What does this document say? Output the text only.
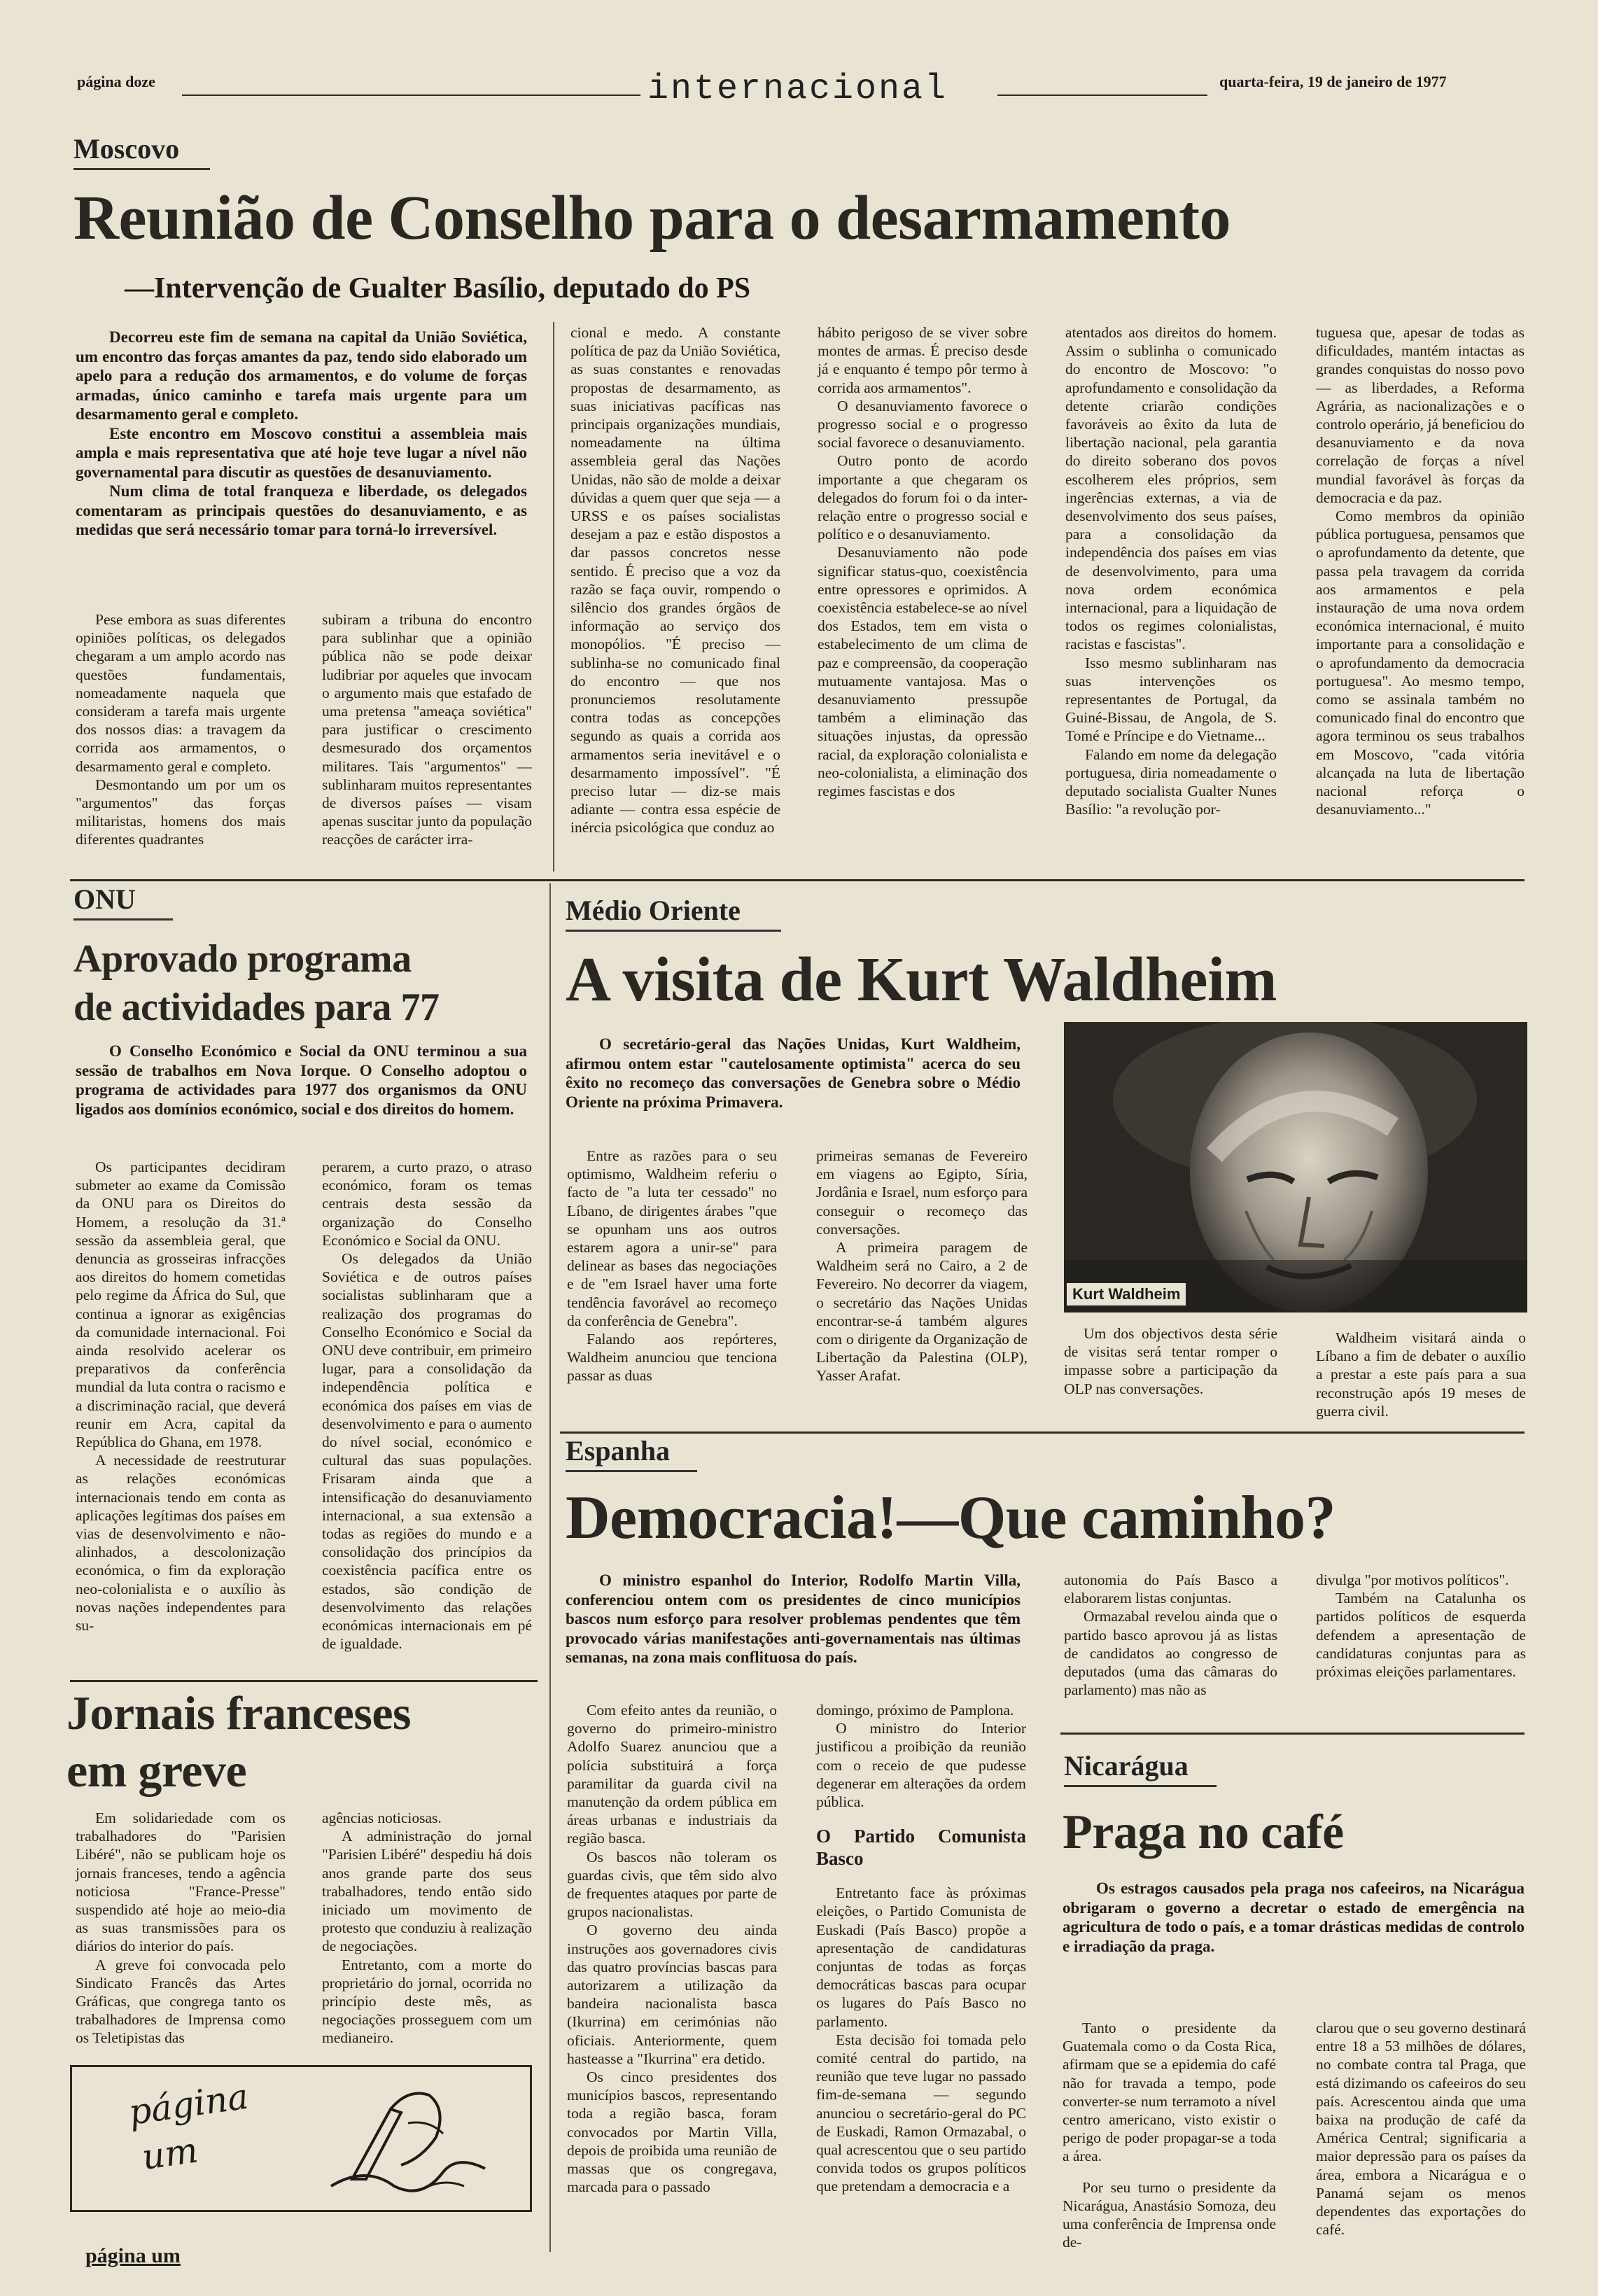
página doze	internacional	quarta-feira, 19 de janeiro de 1977
Moscovo
Reunião de Conselho para o desarmamento
—Intervenção de Gualter Basílio, deputado do PS

Decorreu este fim de semana na capital da União Soviética, um encontro das forças amantes da paz, tendo sido elaborado um apelo para a redução dos armamentos, e do volume de forças armadas, único caminho e tarefa mais urgente para um desarmamento geral e completo.

Este encontro em Moscovo constitui a assembleia mais ampla e mais representativa que até hoje teve lugar a nível não governamental para discutir as questões de desanuviamento.

Num clima de total franqueza e liberdade, os delegados comentaram as principais questões do desanuviamento, e as medidas que será necessário tomar para torná-lo irreversível.

Pese embora as suas diferentes opiniões políticas, os delegados chegaram a um amplo acordo nas questões fundamentais, nomeadamente naquela que consideram a tarefa mais urgente dos nossos dias: a travagem da corrida aos armamentos, o desarmamento geral e completo.

Desmontando um por um os "argumentos" das forças militaristas, homens dos mais diferentes quadrantes

subiram a tribuna do encontro para sublinhar que a opinião pública não se pode deixar ludibriar por aqueles que invocam o argumento mais que estafado de uma pretensa "ameaça soviética" para justificar o crescimento desmesurado dos orçamentos militares. Tais "argumentos" — sublinharam muitos representantes de diversos países — visam apenas suscitar junto da população reacções de carácter irra-

cional e medo. A constante política de paz da União Soviética, as suas constantes e renovadas propostas de desarmamento, as suas iniciativas pacíficas nas principais organizações mundiais, nomeadamente na última assembleia geral das Nações Unidas, não são de molde a deixar dúvidas a quem quer que seja — a URSS e os países socialistas desejam a paz e estão dispostos a dar passos concretos nesse sentido. É preciso que a voz da razão se faça ouvir, rompendo o silêncio dos grandes órgãos de informação ao serviço dos monopólios. "É preciso — sublinha-se no comunicado final do encontro — que nos pronunciemos resolutamente contra todas as concepções segundo as quais a corrida aos armamentos seria inevitável e o desarmamento impossível". "É preciso lutar — diz-se mais adiante — contra essa espécie de inércia psicológica que conduz ao

hábito perigoso de se viver sobre montes de armas. É preciso desde já e enquanto é tempo pôr termo à corrida aos armamentos".

O desanuviamento favorece o progresso social e o progresso social favorece o desanuviamento.

Outro ponto de acordo importante a que chegaram os delegados do forum foi o da inter-relação entre o progresso social e político e o desanuviamento.

Desanuviamento não pode significar status-quo, coexistência entre opressores e oprimidos. A coexistência estabelece-se ao nível dos Estados, tem em vista o estabelecimento de um clima de paz e compreensão, da cooperação mutuamente vantajosa. Mas o desanuviamento pressupõe também a eliminação das situações injustas, da opressão racial, da exploração colonialista e neo-colonialista, a eliminação dos regimes fascistas e dos

atentados aos direitos do homem. Assim o sublinha o comunicado do encontro de Moscovo: "o aprofundamento e consolidação da detente criarão condições favoráveis ao êxito da luta de libertação nacional, pela garantia do direito soberano dos povos escolherem eles próprios, sem ingerências externas, a via de desenvolvimento dos seus países, para a consolidação da independência dos países em vias de desenvolvimento, para uma nova ordem económica internacional, para a liquidação de todos os regimes colonialistas, racistas e fascistas".

Isso mesmo sublinharam nas suas intervenções os representantes de Portugal, da Guiné-Bissau, de Angola, de S. Tomé e Príncipe e do Vietname...

Falando em nome da delegação portuguesa, diria nomeadamente o deputado socialista Gualter Nunes Basílio: "a revolução por-

tuguesa que, apesar de todas as dificuldades, mantém intactas as grandes conquistas do nosso povo — as liberdades, a Reforma Agrária, as nacionalizações e o controlo operário, já beneficiou do desanuviamento e da nova correlação de forças a nível mundial favorável às forças da democracia e da paz.

Como membros da opinião pública portuguesa, pensamos que o aprofundamento da detente, que passa pela travagem da corrida aos armamentos e pela instauração de uma nova ordem económica internacional, é muito importante para a consolidação e o aprofundamento da democracia portuguesa". Ao mesmo tempo, como se assinala também no comunicado final do encontro que agora terminou os seus trabalhos em Moscovo, "cada vitória alcançada na luta de libertação nacional reforça o desanuviamento..."

ONU
Aprovado programa
de actividades para 77

O Conselho Económico e Social da ONU terminou a sua sessão de trabalhos em Nova Iorque. O Conselho adoptou o programa de actividades para 1977 dos organismos da ONU ligados aos domínios económico, social e dos direitos do homem.

Os participantes decidiram submeter ao exame da Comissão da ONU para os Direitos do Homem, a resolução da 31.ª sessão da assembleia geral, que denuncia as grosseiras infracções aos direitos do homem cometidas pelo regime da África do Sul, que continua a ignorar as exigências da comunidade internacional. Foi ainda resolvido acelerar os preparativos da conferência mundial da luta contra o racismo e a discriminação racial, que deverá reunir em Acra, capital da República do Ghana, em 1978.

A necessidade de reestruturar as relações económicas internacionais tendo em conta as aplicações legítimas dos países em vias de desenvolvimento e não-alinhados, a descolonização económica, o fim da exploração neo-colonialista e o auxílio às novas nações independentes para su-

perarem, a curto prazo, o atraso económico, foram os temas centrais desta sessão da organização do Conselho Económico e Social da ONU.

Os delegados da União Soviética e de outros países socialistas sublinharam que a realização dos programas do Conselho Económico e Social da ONU deve contribuir, em primeiro lugar, para a consolidação da independência política e económica dos países em vias de desenvolvimento e para o aumento do nível social, económico e cultural das suas populações. Frisaram ainda que a intensificação do desanuviamento internacional, a sua extensão a todas as regiões do mundo e a consolidação dos princípios da coexistência pacífica entre os estados, são condição de desenvolvimento das relações económicas internacionais em pé de igualdade.

Médio Oriente
A visita de Kurt Waldheim

O secretário-geral das Nações Unidas, Kurt Waldheim, afirmou ontem estar "cautelosamente optimista" acerca do seu êxito no recomeço das conversações de Genebra sobre o Médio Oriente na próxima Primavera.

Entre as razões para o seu optimismo, Waldheim referiu o facto de "a luta ter cessado" no Líbano, de dirigentes árabes "que se opunham uns aos outros estarem agora a unir-se" para delinear as bases das negociações e de "em Israel haver uma forte tendência favorável ao recomeço da conferência de Genebra".

Falando aos repórteres, Waldheim anunciou que tenciona passar as duas

primeiras semanas de Fevereiro em viagens ao Egipto, Síria, Jordânia e Israel, num esforço para conseguir o recomeço das conversações.

A primeira paragem de Waldheim será no Cairo, a 2 de Fevereiro. No decorrer da viagem, o secretário das Nações Unidas encontrar-se-á também algures com o dirigente da Organização de Libertação da Palestina (OLP), Yasser Arafat.

Kurt Waldheim

Um dos objectivos desta série de visitas será tentar romper o impasse sobre a participação da OLP nas conversações.

Waldheim visitará ainda o Líbano a fim de debater o auxílio a prestar a este país para a sua reconstrução após 19 meses de guerra civil.

Espanha
Democracia!—Que caminho?

O ministro espanhol do Interior, Rodolfo Martin Villa, conferenciou ontem com os presidentes de cinco municípios bascos num esforço para resolver problemas pendentes que têm provocado várias manifestações anti-governamentais nas últimas semanas, na zona mais conflituosa do país.

Com efeito antes da reunião, o governo do primeiro-ministro Adolfo Suarez anunciou que a polícia substituirá a força paramilitar da guarda civil na manutenção da ordem pública em áreas urbanas e industriais da região basca.

Os bascos não toleram os guardas civis, que têm sido alvo de frequentes ataques por parte de grupos nacionalistas.

O governo deu ainda instruções aos governadores civis das quatro províncias bascas para autorizarem a utilização da bandeira nacionalista basca (Ikurrina) em cerimónias não oficiais. Anteriormente, quem hasteasse a "Ikurrina" era detido.

Os cinco presidentes dos municípios bascos, representando toda a região basca, foram convocados por Martin Villa, depois de proibida uma reunião de massas que os congregava, marcada para o passado

domingo, próximo de Pamplona.

O ministro do Interior justificou a proibição da reunião com o receio de que pudesse degenerar em alterações da ordem pública.

O Partido Comunista Basco

Entretanto face às próximas eleições, o Partido Comunista de Euskadi (País Basco) propõe a apresentação de candidaturas conjuntas de todas as forças democráticas bascas para ocupar os lugares do País Basco no parlamento.

Esta decisão foi tomada pelo comité central do partido, na reunião que teve lugar no passado fim-de-semana — segundo anunciou o secretário-geral do PC de Euskadi, Ramon Ormazabal, o qual acrescentou que o seu partido convida todos os grupos políticos que pretendam a democracia e a

autonomia do País Basco a elaborarem listas conjuntas.

Ormazabal revelou ainda que o partido basco aprovou já as listas de candidatos ao congresso de deputados (uma das câmaras do parlamento) mas não as

divulga "por motivos políticos".

Também na Catalunha os partidos políticos de esquerda defendem a apresentação de candidaturas conjuntas para as próximas eleições parlamentares.

Jornais franceses
em greve

Em solidariedade com os trabalhadores do "Parisien Libéré", não se publicam hoje os jornais franceses, tendo a agência noticiosa "France-Presse" suspendido até hoje ao meio-dia as suas transmissões para os diários do interior do país.

A greve foi convocada pelo Sindicato Francês das Artes Gráficas, que congrega tanto os trabalhadores de Imprensa como os Teletipistas das

agências noticiosas.

A administração do jornal "Parisien Libéré" despediu há dois anos grande parte dos seus trabalhadores, tendo então sido iniciado um movimento de protesto que conduziu à realização de negociações.

Entretanto, com a morte do proprietário do jornal, ocorrida no princípio deste mês, as negociações prosseguem com um medianeiro.

página
um
página um
Nicarágua
Praga no café

Os estragos causados pela praga nos cafeeiros, na Nicarágua obrigaram o governo a decretar o estado de emergência na agricultura de todo o país, e a tomar drásticas medidas de controlo e irradiação da praga.

Tanto o presidente da Guatemala como o da Costa Rica, afirmam que se a epidemia do café não for travada a tempo, pode converter-se num terramoto a nível centro americano, visto existir o perigo de poder propagar-se a toda a área.

Por seu turno o presidente da Nicarágua, Anastásio Somoza, deu uma conferência de Imprensa onde de-

clarou que o seu governo destinará entre 18 a 53 milhões de dólares, no combate contra tal Praga, que está dizimando os cafeeiros do seu país. Acrescentou ainda que uma baixa na produção de café da América Central; significaria a maior depressão para os países da área, embora a Nicarágua e o Panamá sejam os menos dependentes das exportações do café.
